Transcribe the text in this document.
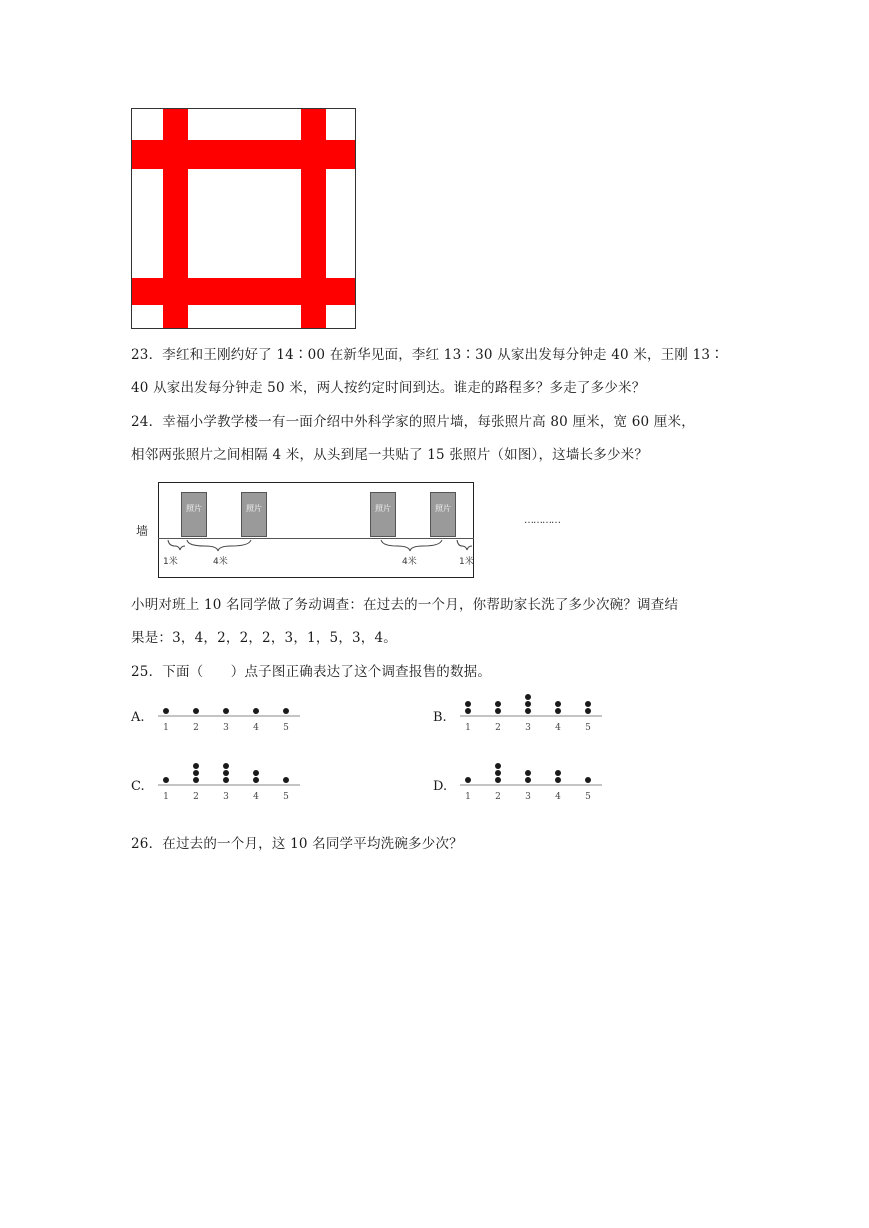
23．李红和王刚约好了 14∶00 在新华见面，李红 13∶30 从家出发每分钟走 40 米，王刚 13∶
40 从家出发每分钟走 50 米，两人按约定时间到达。谁走的路程多？多走了多少米？
24．幸福小学教学楼一有一面介绍中外科学家的照片墙，每张照片高 80 厘米，宽 60 厘米，
相邻两张照片之间相隔 4 米，从头到尾一共贴了 15 张照片（如图），这墙长多少米？
墙
照片	照片	照片	照片
1米	4米	4米	1米
…………
小明对班上 10 名同学做了务动调查：在过去的一个月，你帮助家长洗了多少次碗？调查结
果是：3，4，2，2，2，3，1，5，3，4。
25．下面（　　）点子图正确表达了这个调查报售的数据。
A.
1	2	3	4	5
B.
1	2	3	4	5
C.
1	2	3	4	5
D.
1	2	3	4	5
26．在过去的一个月，这 10 名同学平均洗碗多少次？
